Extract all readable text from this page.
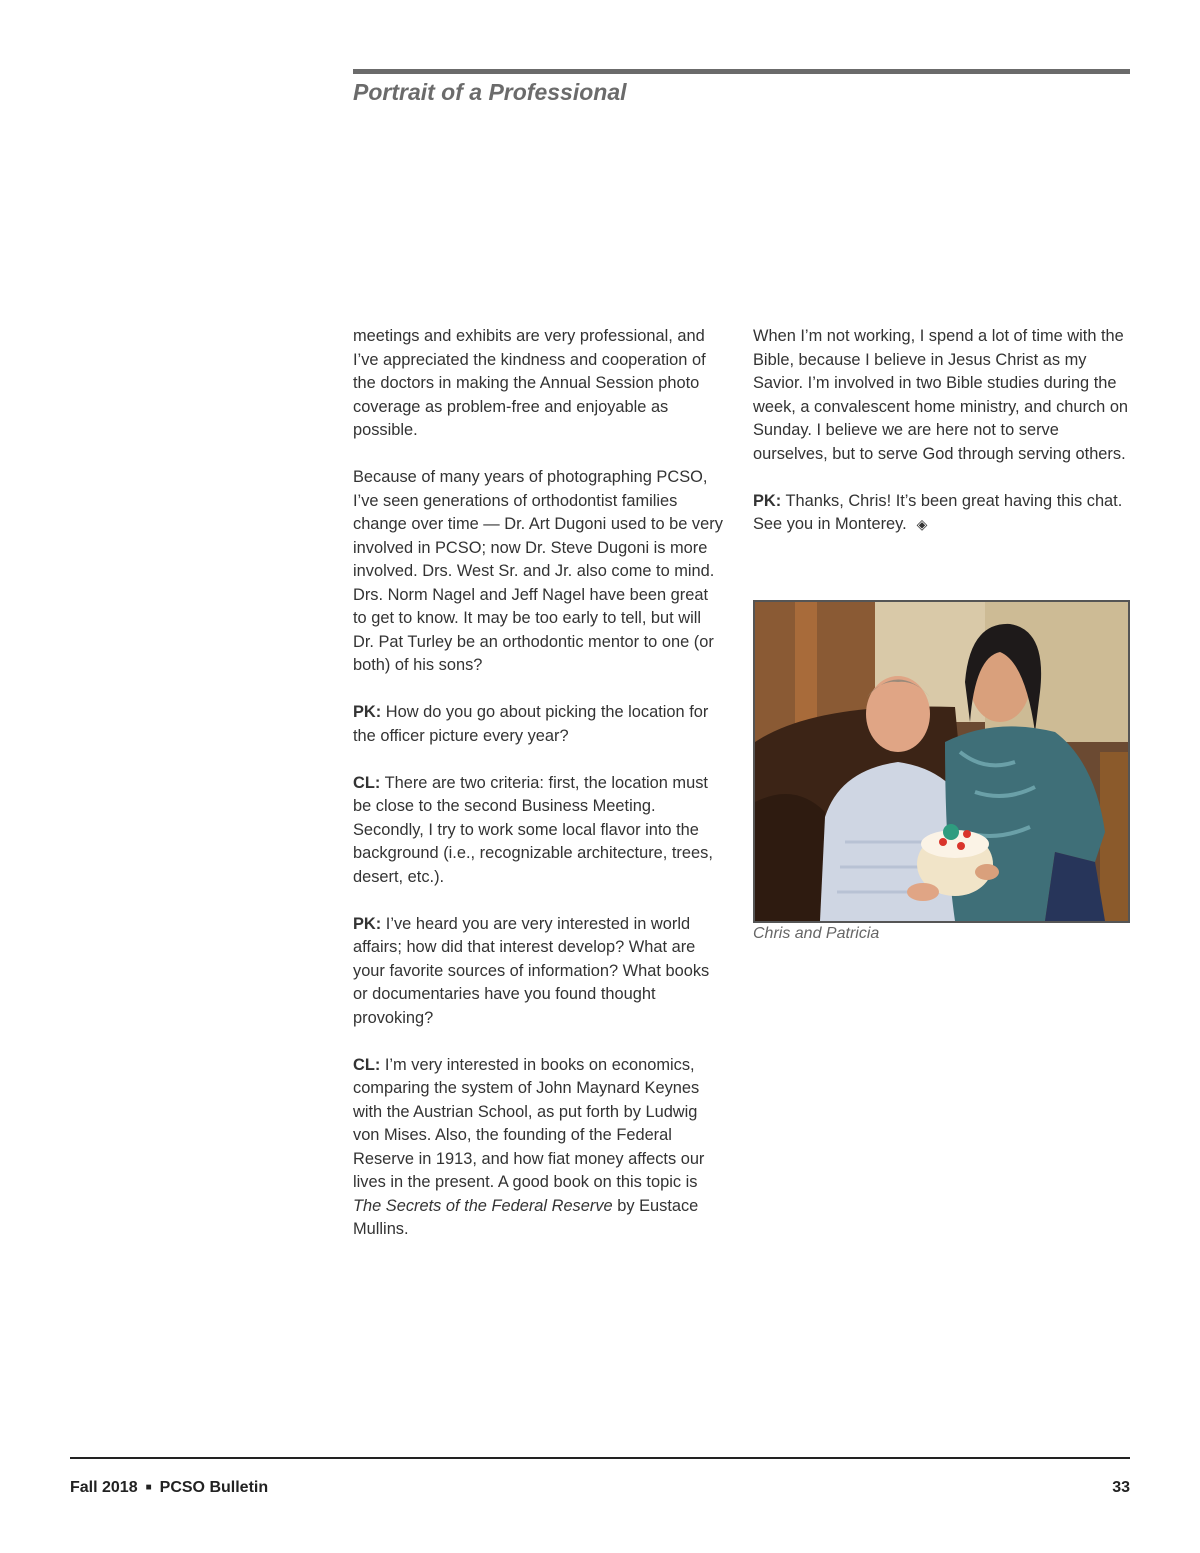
Portrait of a Professional

meetings and exhibits are very professional, and I’ve appreciated the kindness and cooperation of the doctors in making the Annual Session photo coverage as problem-free and enjoyable as possible.

Because of many years of photographing PCSO, I’ve seen generations of orthodontist families change over time — Dr. Art Dugoni used to be very involved in PCSO; now Dr. Steve Dugoni is more involved. Drs. West Sr. and Jr. also come to mind. Drs. Norm Nagel and Jeff Nagel have been great to get to know. It may be too early to tell, but will Dr. Pat Turley be an orthodontic mentor to one (or both) of his sons?

PK: How do you go about picking the location for the officer picture every year?

CL: There are two criteria: first, the location must be close to the second Business Meeting. Secondly, I try to work some local flavor into the background (i.e., recognizable architecture, trees, desert, etc.).

PK: I’ve heard you are very interested in world affairs; how did that interest develop? What are your favorite sources of information? What books or documentaries have you found thought provoking?

CL: I’m very interested in books on economics, comparing the system of John Maynard Keynes with the Austrian School, as put forth by Ludwig von Mises. Also, the founding of the Federal Reserve in 1913, and how fiat money affects our lives in the present. A good book on this topic is The Secrets of the Federal Reserve by Eustace Mullins.

When I’m not working, I spend a lot of time with the Bible, because I believe in Jesus Christ as my Savior. I’m involved in two Bible studies during the week, a convalescent home ministry, and church on Sunday. I believe we are here not to serve ourselves, but to serve God through serving others.

PK: Thanks, Chris! It’s been great having this chat. See you in Monterey. ◈

Chris and Patricia
Fall 2018 ■ PCSO Bulletin	33
